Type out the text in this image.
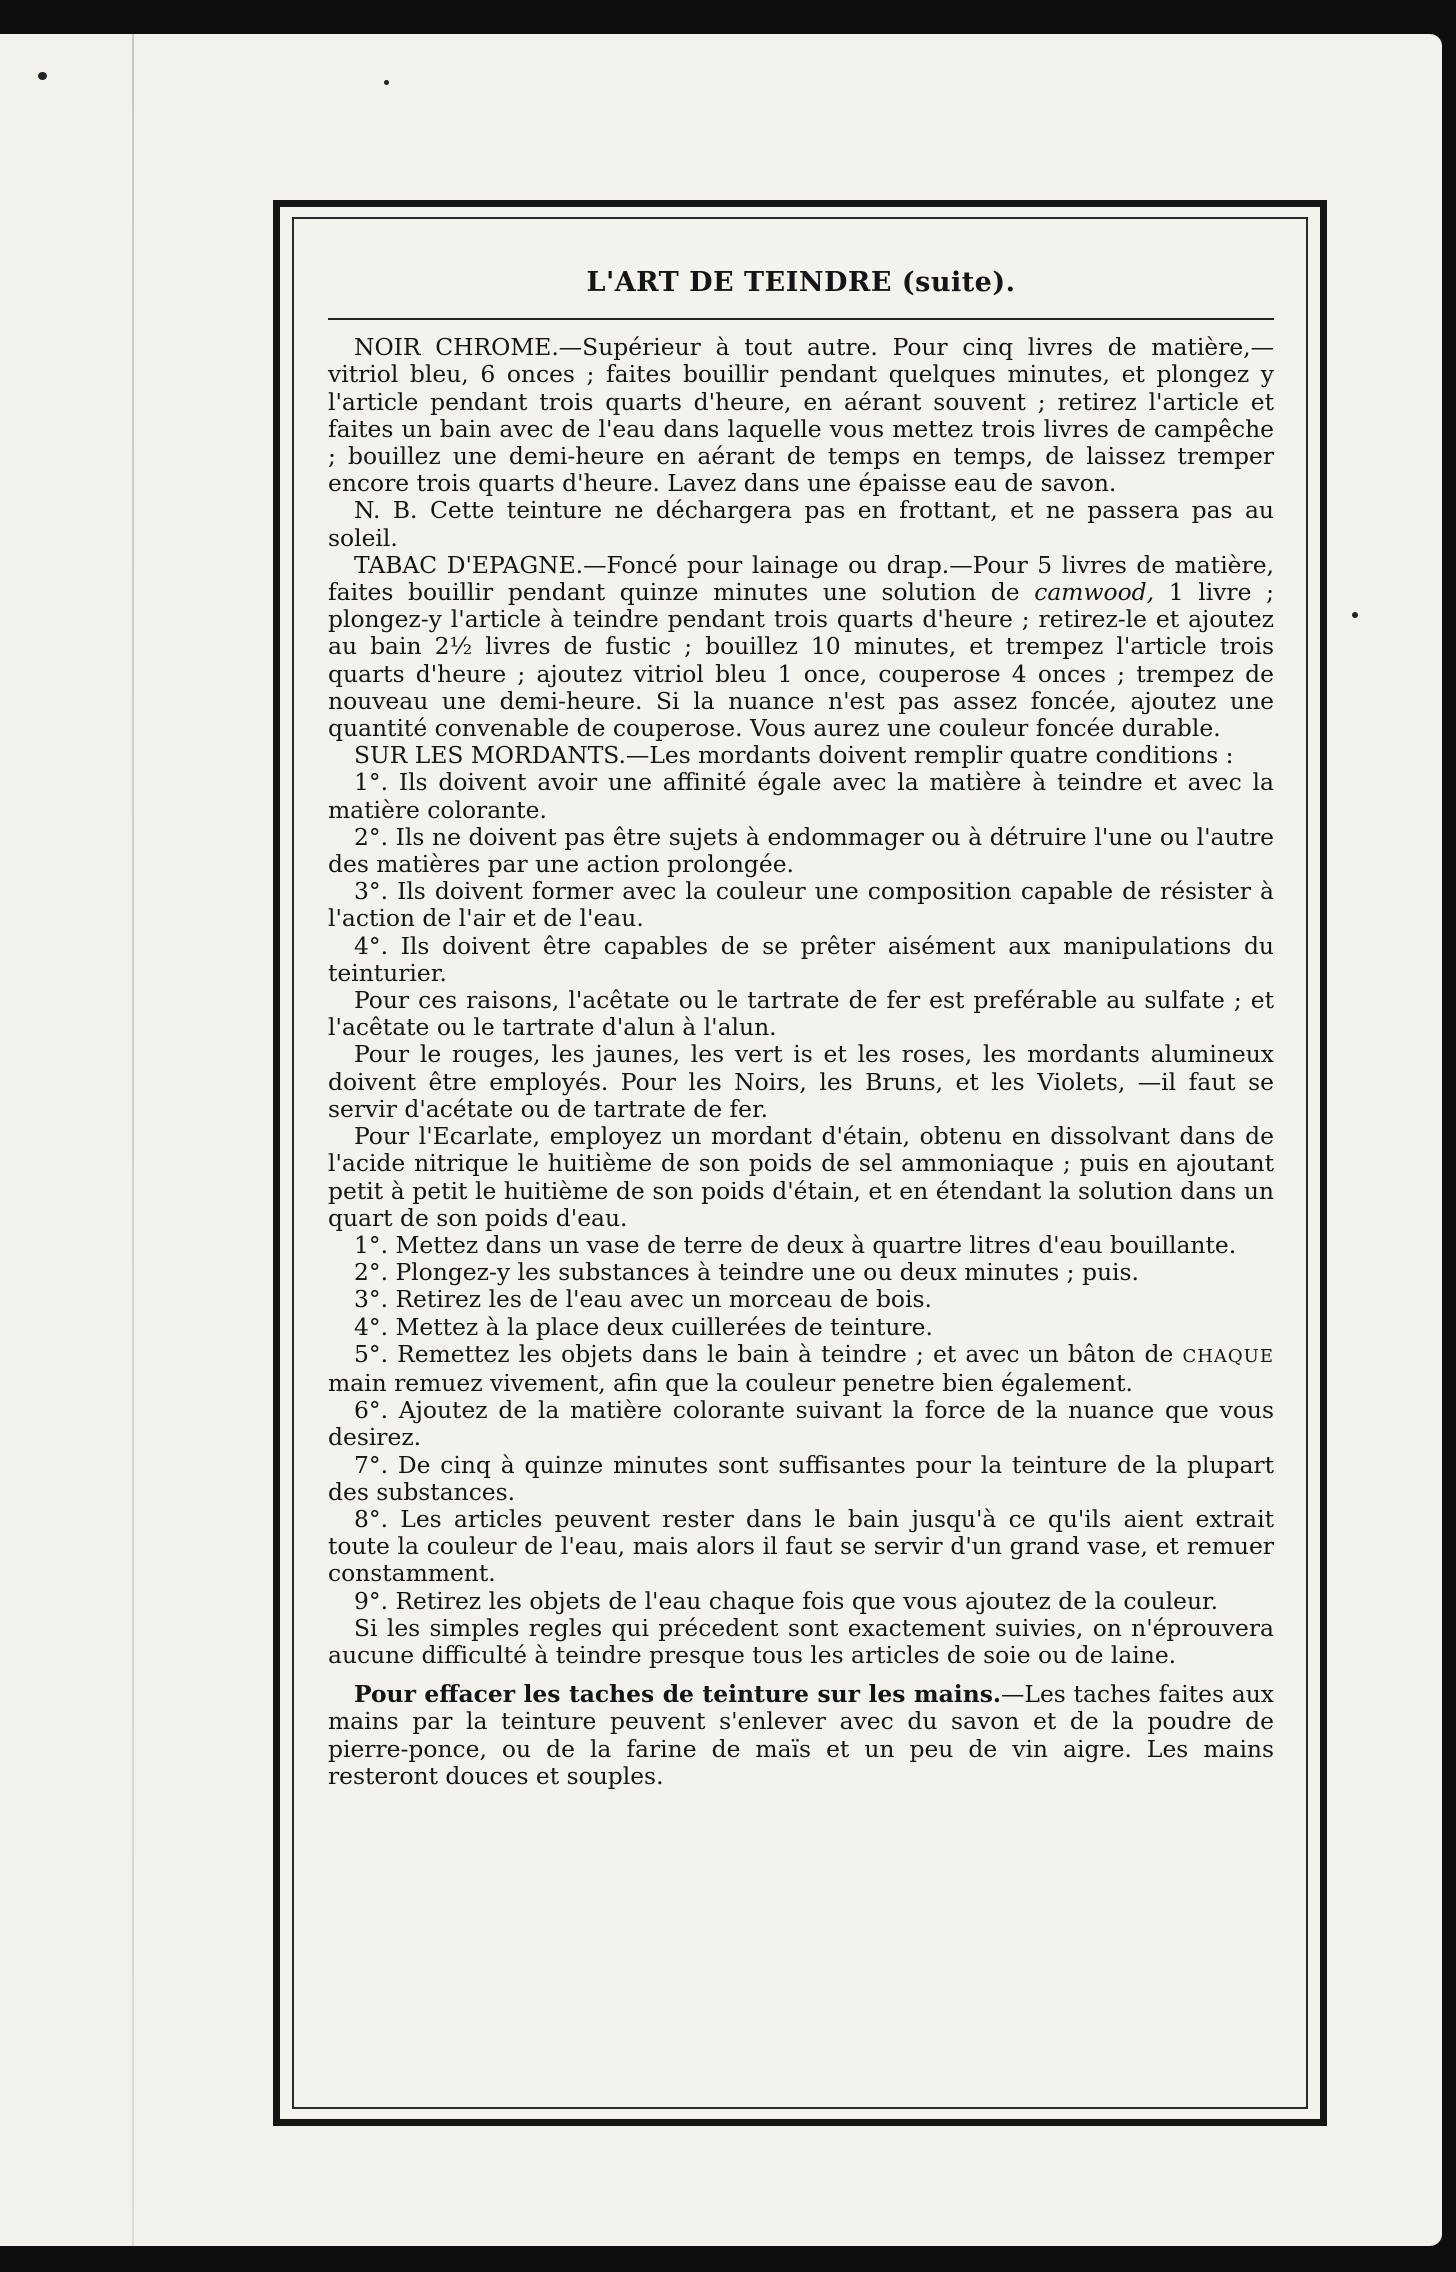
L'ART DE TEINDRE (suite).

NOIR CHROME.—Supérieur à tout autre. Pour cinq livres de matière,—vitriol bleu, 6 onces ; faites bouillir pendant quelques minutes, et plongez y l'article pendant trois quarts d'heure, en aérant souvent ; retirez l'article et faites un bain avec de l'eau dans laquelle vous mettez trois livres de campêche ; bouillez une demi-heure en aérant de temps en temps, de laissez tremper encore trois quarts d'heure. Lavez dans une épaisse eau de savon.

N. B. Cette teinture ne déchargera pas en frottant, et ne passera pas au soleil.

TABAC D'EPAGNE.—Foncé pour lainage ou drap.—Pour 5 livres de matière, faites bouillir pendant quinze minutes une solution de camwood, 1 livre ; plongez-y l'article à teindre pendant trois quarts d'heure ; retirez-le et ajoutez au bain 2½ livres de fustic ; bouillez 10 minutes, et trempez l'article trois quarts d'heure ; ajoutez vitriol bleu 1 once, couperose 4 onces ; trempez de nouveau une demi-heure. Si la nuance n'est pas assez foncée, ajoutez une quantité convenable de couperose. Vous aurez une couleur foncée durable.

SUR LES MORDANTS.—Les mordants doivent remplir quatre conditions :

1°. Ils doivent avoir une affinité égale avec la matière à teindre et avec la matière colorante.

2°. Ils ne doivent pas être sujets à endommager ou à détruire l'une ou l'autre des matières par une action prolongée.

3°. Ils doivent former avec la couleur une composition capable de résister à l'action de l'air et de l'eau.

4°. Ils doivent être capables de se prêter aisément aux manipulations du teinturier.

Pour ces raisons, l'acêtate ou le tartrate de fer est preférable au sulfate ; et l'acêtate ou le tartrate d'alun à l'alun.

Pour le rouges, les jaunes, les vert is et les roses, les mordants alumineux doivent être employés. Pour les Noirs, les Bruns, et les Violets, —il faut se servir d'acétate ou de tartrate de fer.

Pour l'Ecarlate, employez un mordant d'étain, obtenu en dissolvant dans de l'acide nitrique le huitième de son poids de sel ammoniaque ; puis en ajoutant petit à petit le huitième de son poids d'étain, et en étendant la solution dans un quart de son poids d'eau.

1°. Mettez dans un vase de terre de deux à quartre litres d'eau bouillante.

2°. Plongez-y les substances à teindre une ou deux minutes ; puis.

3°. Retirez les de l'eau avec un morceau de bois.

4°. Mettez à la place deux cuillerées de teinture.

5°. Remettez les objets dans le bain à teindre ; et avec un bâton de CHAQUE main remuez vivement, afin que la couleur penetre bien également.

6°. Ajoutez de la matière colorante suivant la force de la nuance que vous desirez.

7°. De cinq à quinze minutes sont suffisantes pour la teinture de la plupart des substances.

8°. Les articles peuvent rester dans le bain jusqu'à ce qu'ils aient extrait toute la couleur de l'eau, mais alors il faut se servir d'un grand vase, et remuer constamment.

9°. Retirez les objets de l'eau chaque fois que vous ajoutez de la couleur.

Si les simples regles qui précedent sont exactement suivies, on n'éprouvera aucune difficulté à teindre presque tous les articles de soie ou de laine.

Pour effacer les taches de teinture sur les mains.—Les taches faites aux mains par la teinture peuvent s'enlever avec du savon et de la poudre de pierre-ponce, ou de la farine de maïs et un peu de vin aigre. Les mains resteront douces et souples.
